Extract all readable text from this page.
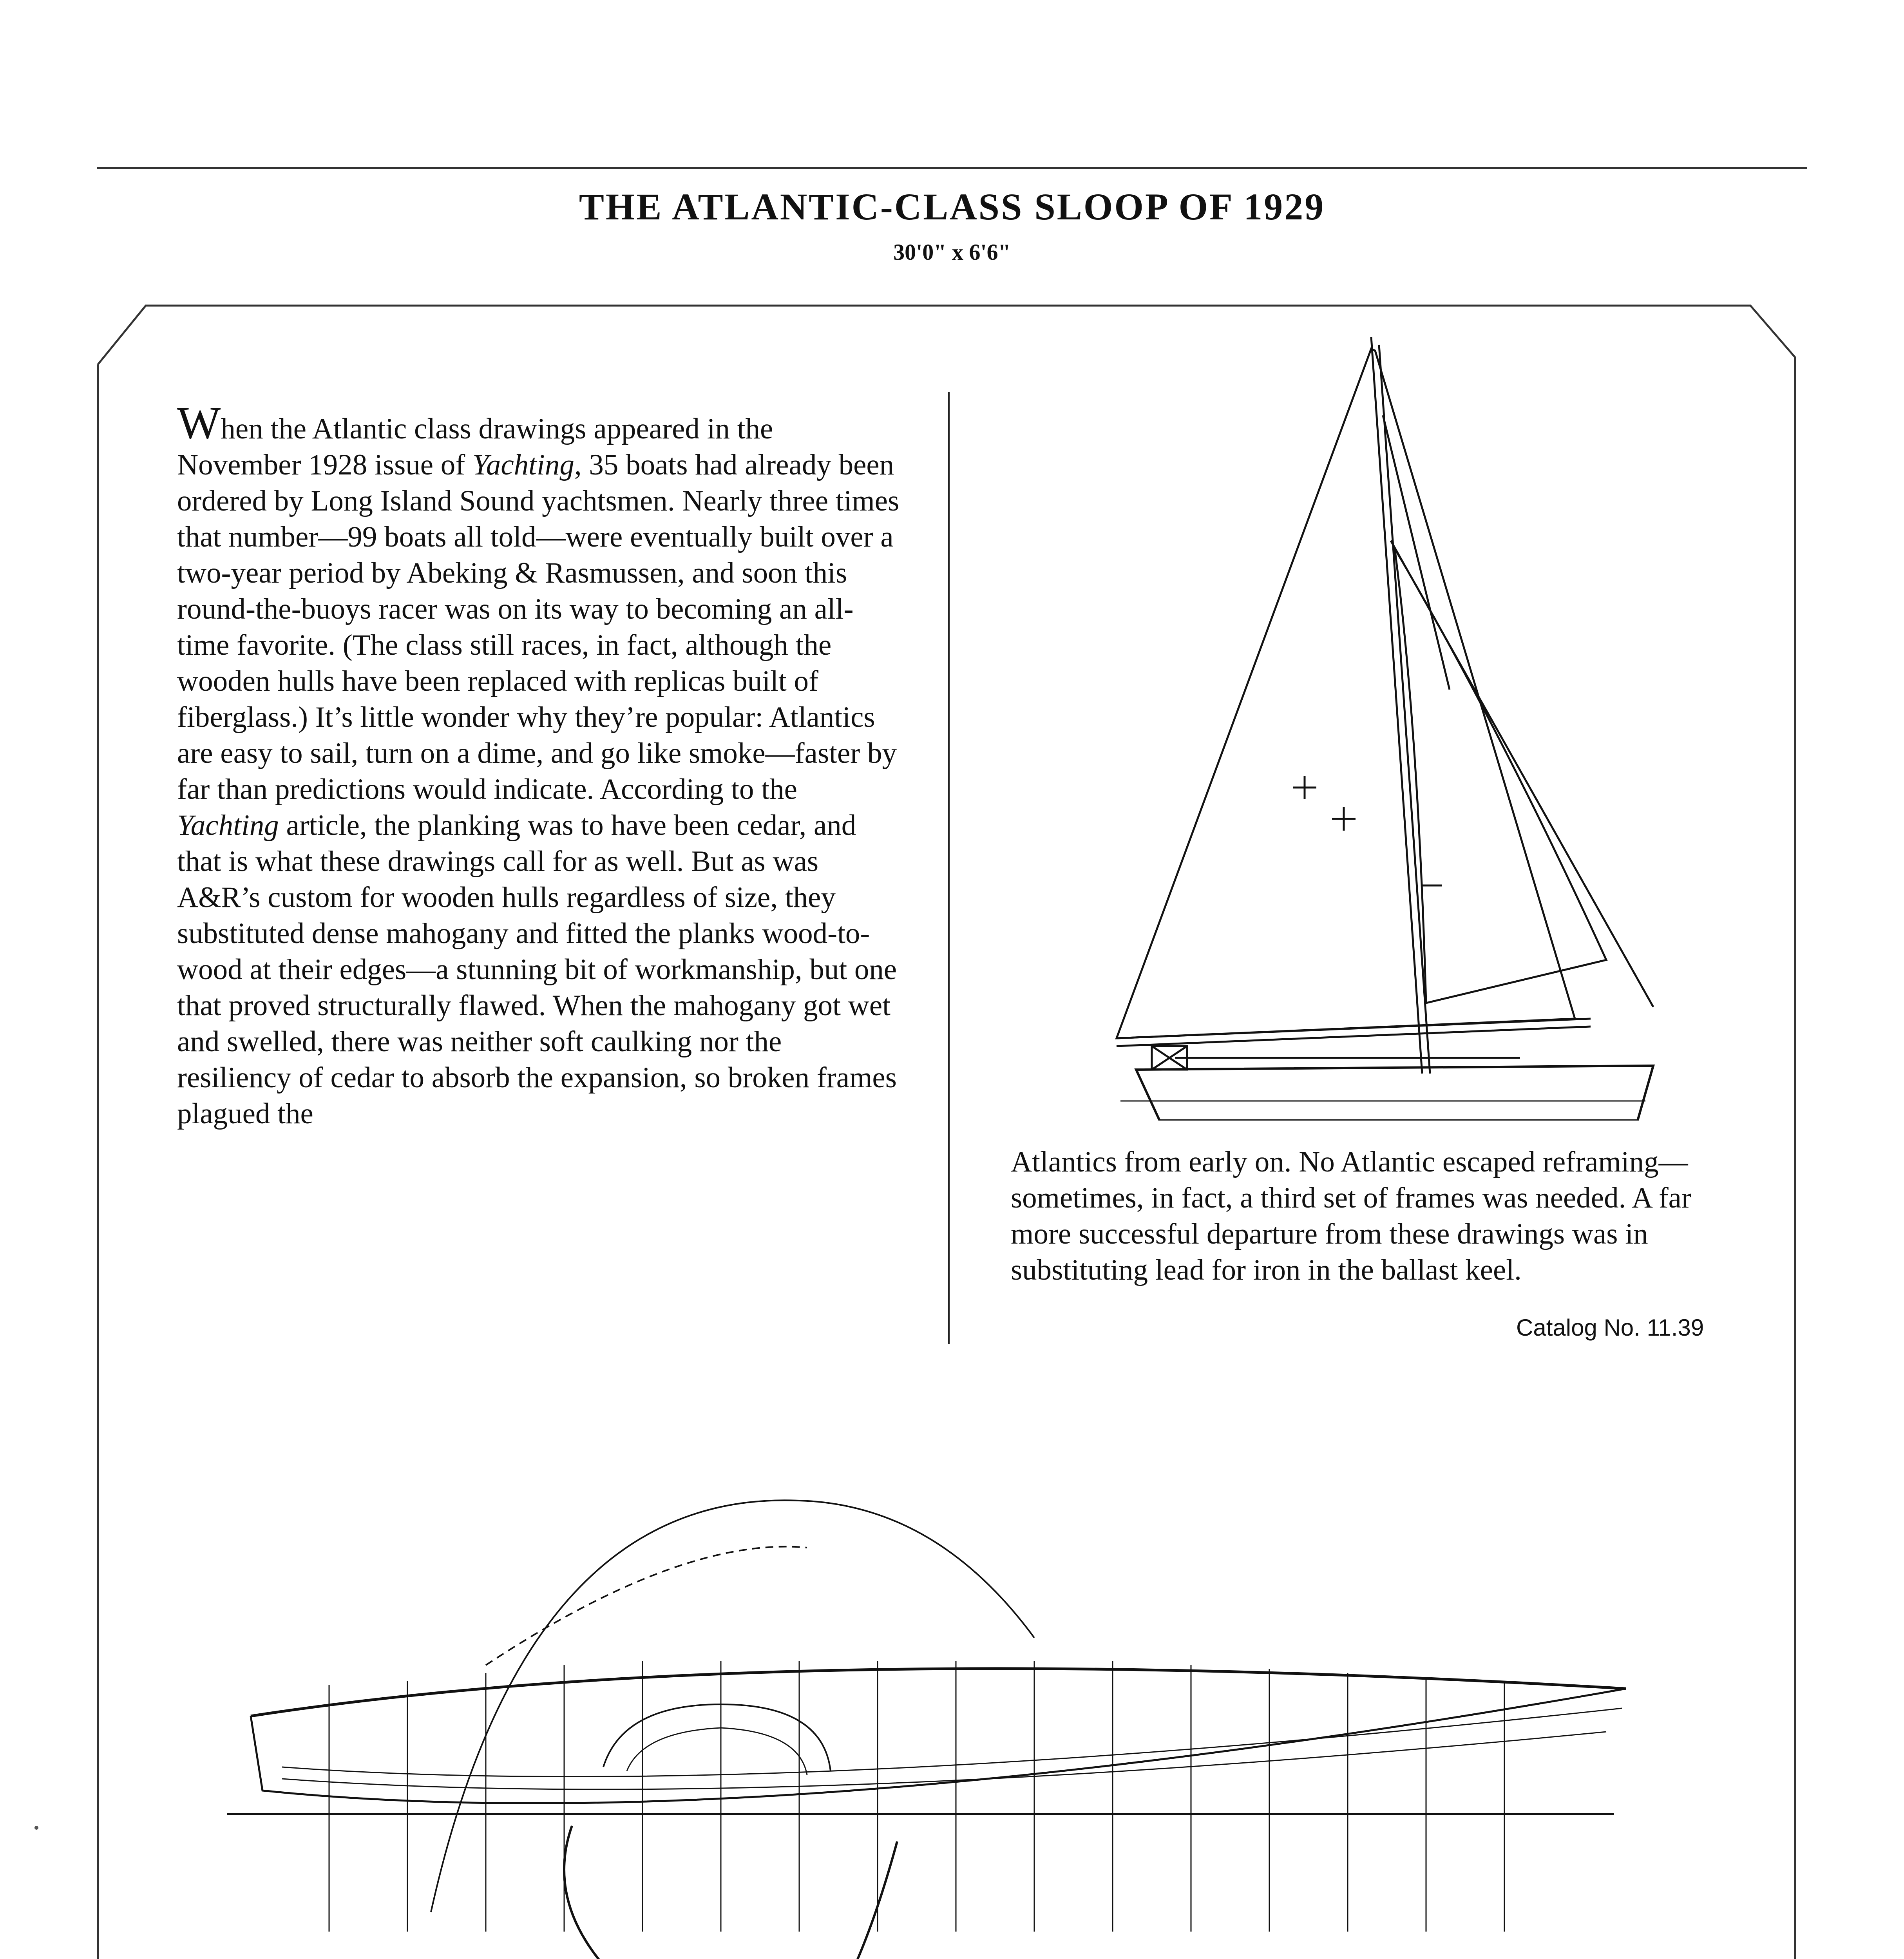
THE ATLANTIC-CLASS SLOOP OF 1929
30'0" x 6'6"
When the Atlantic class drawings appeared in the November 1928 issue of Yachting, 35 boats had already been ordered by Long Island Sound yachtsmen. Nearly three times that number—99 boats all told—were eventually built over a two-year period by Abeking & Rasmussen, and soon this round-the-buoys racer was on its way to becoming an all-time favorite. (The class still races, in fact, although the wooden hulls have been replaced with replicas built of fiberglass.) It’s little wonder why they’re popular: Atlantics are easy to sail, turn on a dime, and go like smoke—faster by far than predictions would indicate. According to the Yachting article, the planking was to have been cedar, and that is what these drawings call for as well. But as was A&R’s custom for wooden hulls regardless of size, they substituted dense mahogany and fitted the planks wood-to-wood at their edges—a stunning bit of workmanship, but one that proved structurally flawed. When the mahogany got wet and swelled, there was neither soft caulking nor the resiliency of cedar to absorb the expansion, so broken frames plagued the
Atlantics from early on. No Atlantic escaped reframing—sometimes, in fact, a third set of frames was needed. A far more successful departure from these drawings was in substituting lead for iron in the ballast keel.
Catalog No. 11.39
